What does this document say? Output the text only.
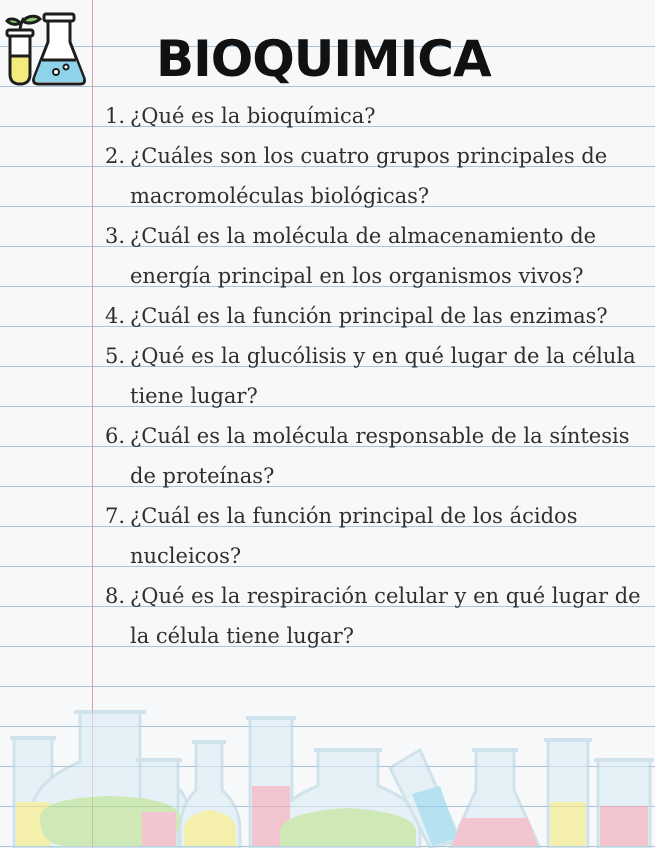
BIOQUIMICA
1. ¿Qué es la bioquímica?
2. ¿Cuáles son los cuatro grupos principales de macromoléculas biológicas?
3. ¿Cuál es la molécula de almacenamiento de energía principal en los organismos vivos?
4. ¿Cuál es la función principal de las enzimas?
5. ¿Qué es la glucólisis y en qué lugar de la célula tiene lugar?
6. ¿Cuál es la molécula responsable de la síntesis de proteínas?
7. ¿Cuál es la función principal de los ácidos nucleicos?
8. ¿Qué es la respiración celular y en qué lugar de la célula tiene lugar?
